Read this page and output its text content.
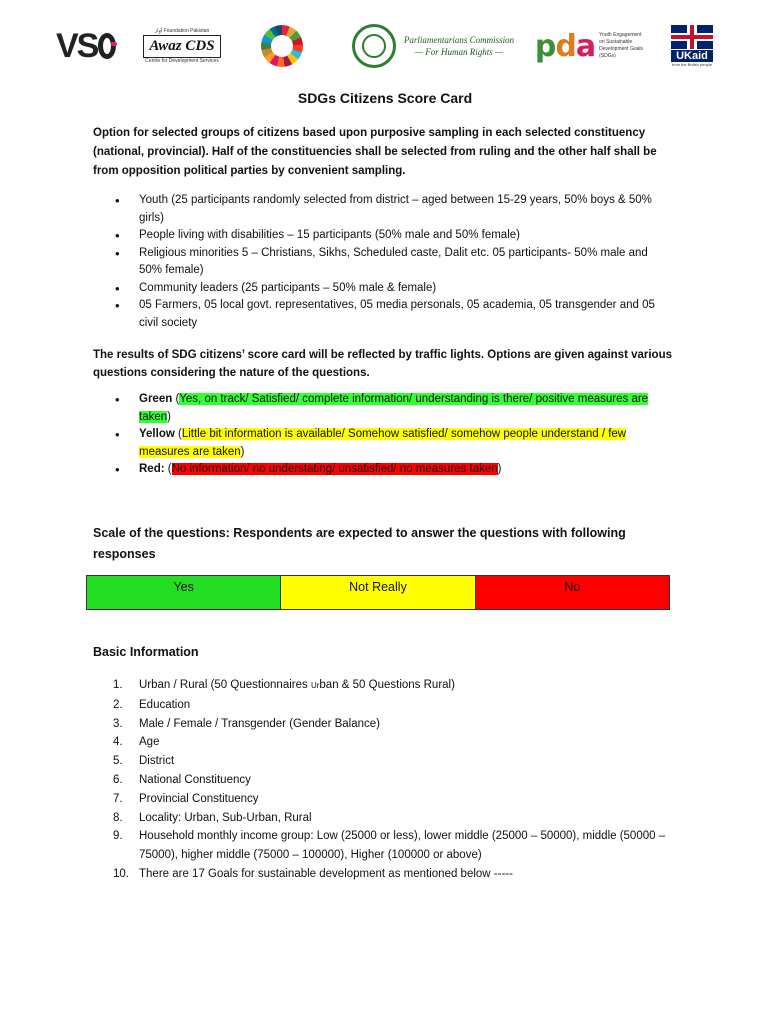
VS	ﺁﻭﺍﺯ Foundation Pakistan
Awaz CDS
Centre for Development Services
Parliamentarians Commission
— For Human Rights —	pda Youth Engagement on Sustainable Development Goals (SDGs)	UKaid
from the British people
SDGs Citizens Score Card

Option for selected groups of citizens based upon purposive sampling in each selected constituency (national, provincial). Half of the constituencies shall be selected from ruling and the other half shall be from opposition political parties by convenient sampling.

• Youth (25 participants randomly selected from district – aged between 15-29 years, 50% boys & 50% girls)
• People living with disabilities – 15 participants (50% male and 50% female)
• Religious minorities 5 – Christians, Sikhs, Scheduled caste, Dalit etc. 05 participants- 50% male and 50% female)
• Community leaders (25 participants – 50% male & female)
• 05 Farmers, 05 local govt. representatives, 05 media personals, 05 academia, 05 transgender and 05 civil society

The results of SDG citizens’ score card will be reflected by traffic lights. Options are given against various questions considering the nature of the questions.

• Green (Yes, on track/ Satisfied/ complete information/ understanding is there/ positive measures are taken)
• Yellow (Little bit information is available/ Somehow satisfied/ somehow people understand / few measures are taken)
• Red: (No information/ no understating/ unsatisfied/ no measures taken)

Scale of the questions: Respondents are expected to answer the questions with following responses

Yes	Not Really	No

Basic Information

1. Urban / Rural (50 Questionnaires Urban & 50 Questions Rural)
2. Education
3. Male / Female / Transgender (Gender Balance)
4. Age
5. District
6. National Constituency
7. Provincial Constituency
8. Locality: Urban, Sub-Urban, Rural
9. Household monthly income group: Low (25000 or less), lower middle (25000 – 50000), middle (50000 – 75000), higher middle (75000 – 100000), Higher (100000 or above)
10. There are 17 Goals for sustainable development as mentioned below -----
